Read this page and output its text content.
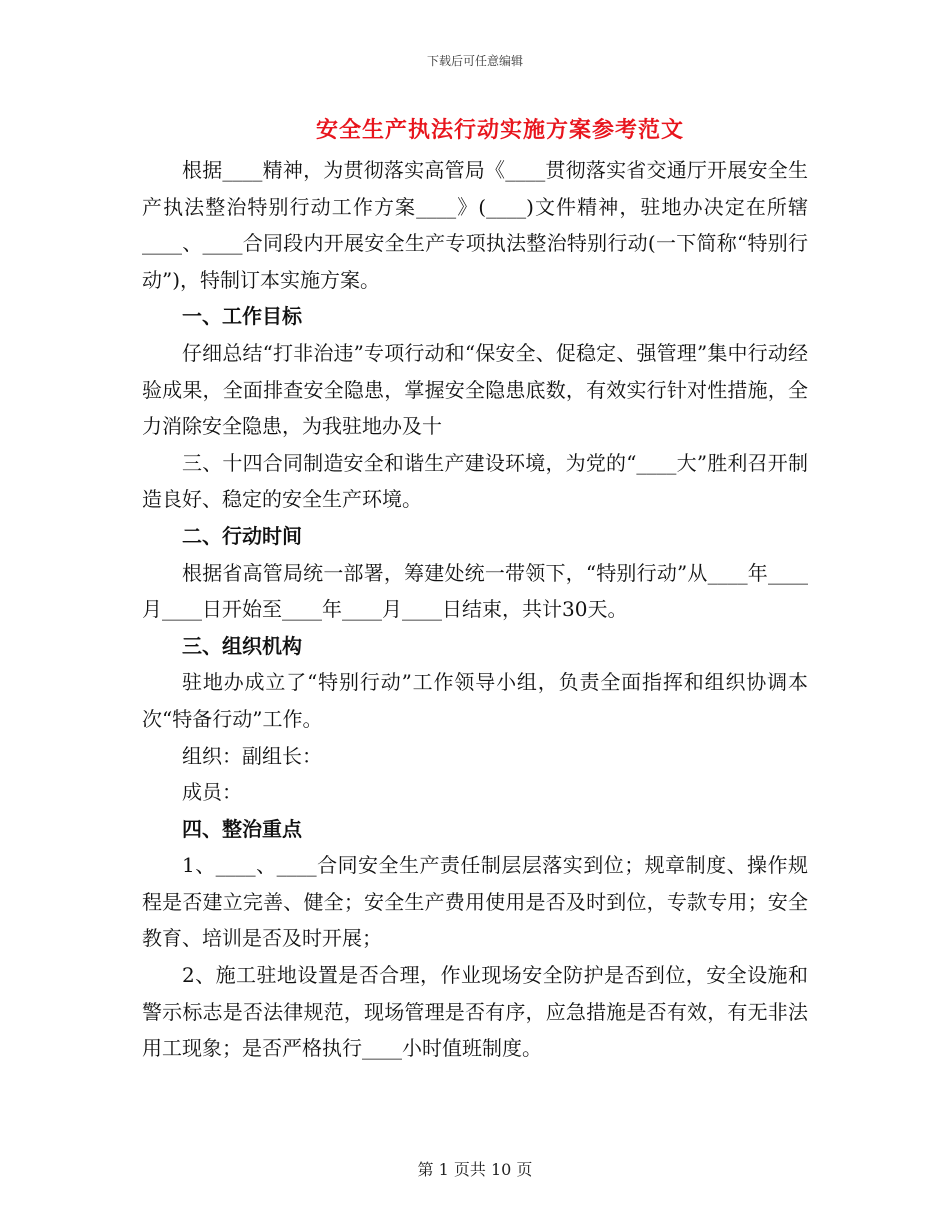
下载后可任意编辑
安全生产执法行动实施方案参考范文

根据____精神，为贯彻落实高管局《____贯彻落实省交通厅开展安全生产执法整治特别行动工作方案____》(____)文件精神，驻地办决定在所辖____、____合同段内开展安全生产专项执法整治特别行动(一下简称“特别行动”)，特制订本实施方案。

一、工作目标

仔细总结“打非治违”专项行动和“保安全、促稳定、强管理”集中行动经验成果，全面排查安全隐患，掌握安全隐患底数，有效实行针对性措施，全力消除安全隐患，为我驻地办及十

三、十四合同制造安全和谐生产建设环境，为党的“____大”胜利召开制造良好、稳定的安全生产环境。

二、行动时间

根据省高管局统一部署，筹建处统一带领下，“特别行动”从____年____月____日开始至____年____月____日结束，共计30天。

三、组织机构

驻地办成立了“特别行动”工作领导小组，负责全面指挥和组织协调本次“特备行动”工作。

组织：副组长：

成员：

四、整治重点

1、____、____合同安全生产责任制层层落实到位；规章制度、操作规程是否建立完善、健全；安全生产费用使用是否及时到位，专款专用；安全教育、培训是否及时开展；

2、施工驻地设置是否合理，作业现场安全防护是否到位，安全设施和警示标志是否法律规范，现场管理是否有序，应急措施是否有效，有无非法用工现象；是否严格执行____小时值班制度。

第 1 页共 10 页
